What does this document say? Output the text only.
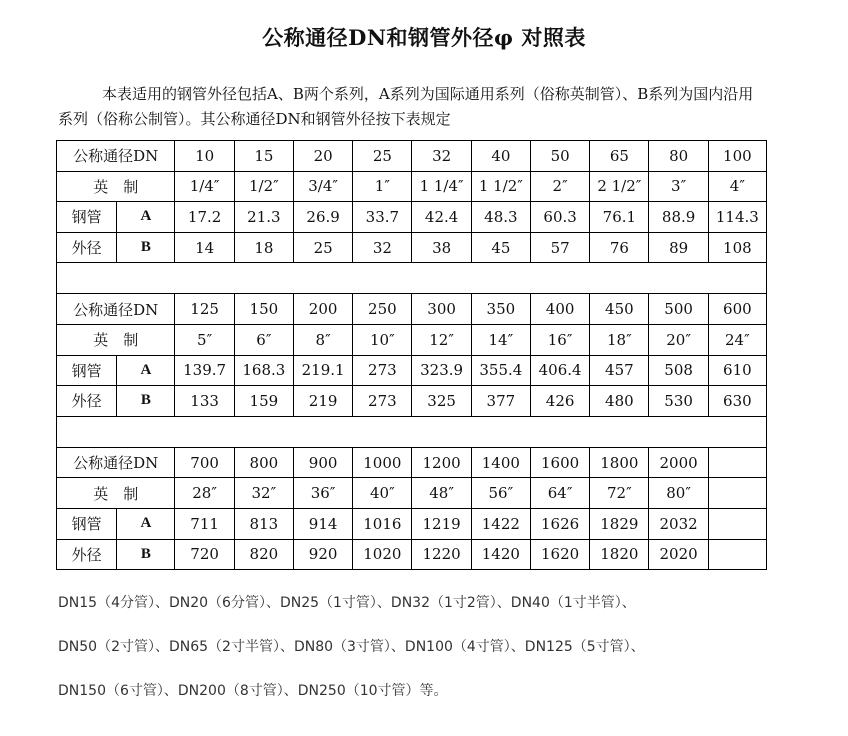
公称通径DN和钢管外径φ 对照表
本表适用的钢管外径包括A、B两个系列，A系列为国际通用系列（俗称英制管）、B系列为国内沿用系列（俗称公制管）。其公称通径DN和钢管外径按下表规定
公称通径DN		10	15	20	25	32	40	50	65	80	100
英　制		1/4″	1/2″	3/4″	1″	1 1/4″	1 1/2″	2″	2 1/2″	3″	4″
钢管	A	17.2	21.3	26.9	33.7	42.4	48.3	60.3	76.1	88.9	114.3
外径	B	14	18	25	32	38	45	57	76	89	108

公称通径DN		125	150	200	250	300	350	400	450	500	600
英　制		5″	6″	8″	10″	12″	14″	16″	18″	20″	24″
钢管	A	139.7	168.3	219.1	273	323.9	355.4	406.4	457	508	610
外径	B	133	159	219	273	325	377	426	480	530	630

公称通径DN		700	800	900	1000	1200	1400	1600	1800	2000	
英　制		28″	32″	36″	40″	48″	56″	64″	72″	80″	
钢管	A	711	813	914	1016	1219	1422	1626	1829	2032	
外径	B	720	820	920	1020	1220	1420	1620	1820	2020	
DN15（4分管）、DN20（6分管）、DN25（1寸管）、DN32（1寸2管）、DN40（1寸半管）、
DN50（2寸管）、DN65（2寸半管）、DN80（3寸管）、DN100（4寸管）、DN125（5寸管）、
DN150（6寸管）、DN200（8寸管）、DN250（10寸管）等。
